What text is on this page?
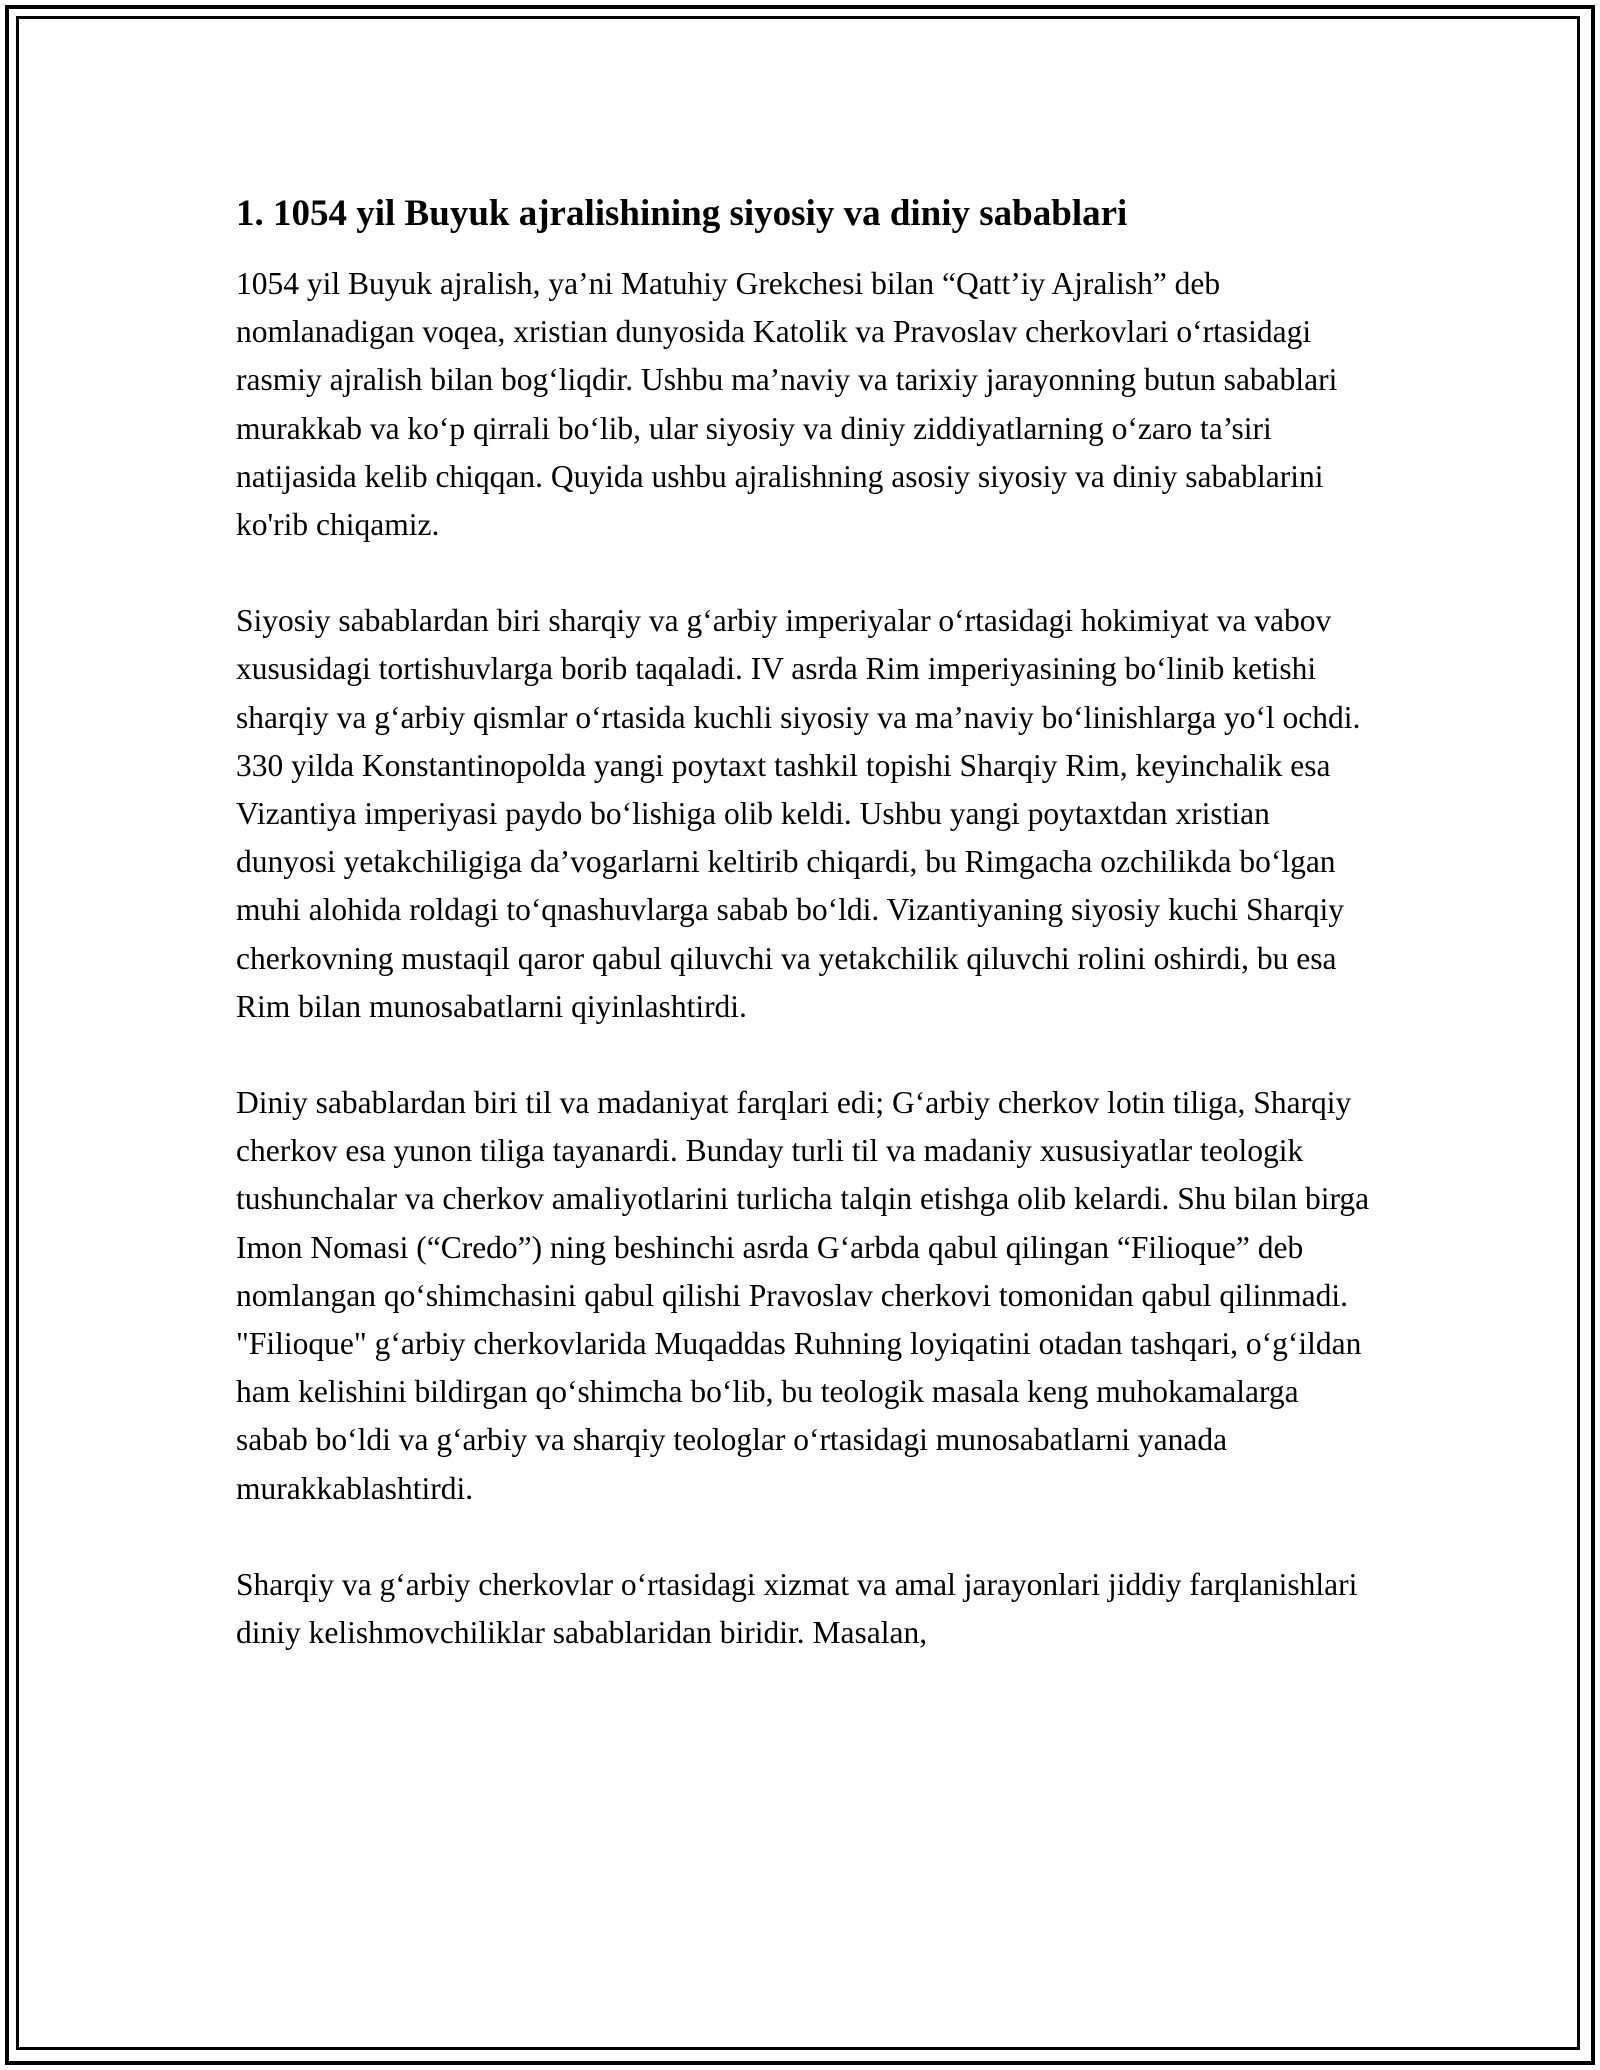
1. 1054 yil Buyuk ajralishining siyosiy va diniy sabablari

1054 yil Buyuk ajralish, ya’ni Matuhiy Grekchesi bilan “Qatt’iy Ajralish” deb nomlanadigan voqea, xristian dunyosida Katolik va Pravoslav cherkovlari oʻrtasidagi rasmiy ajralish bilan bogʻliqdir. Ushbu ma’naviy va tarixiy jarayonning butun sabablari murakkab va koʻp qirrali boʻlib, ular siyosiy va diniy ziddiyatlarning oʻzaro ta’siri natijasida kelib chiqqan. Quyida ushbu ajralishning asosiy siyosiy va diniy sabablarini ko'rib chiqamiz.

Siyosiy sabablardan biri sharqiy va gʻarbiy imperiyalar oʻrtasidagi hokimiyat va vabov xususidagi tortishuvlarga borib taqaladi. IV asrda Rim imperiyasining boʻlinib ketishi sharqiy va gʻarbiy qismlar oʻrtasida kuchli siyosiy va ma’naviy boʻlinishlarga yoʻl ochdi. 330 yilda Konstantinopolda yangi poytaxt tashkil topishi Sharqiy Rim, keyinchalik esa Vizantiya imperiyasi paydo boʻlishiga olib keldi. Ushbu yangi poytaxtdan xristian dunyosi yetakchiligiga da’vogarlarni keltirib chiqardi, bu Rimgacha ozchilikda boʻlgan muhi alohida roldagi toʻqnashuvlarga sabab boʻldi. Vizantiyaning siyosiy kuchi Sharqiy cherkovning mustaqil qaror qabul qiluvchi va yetakchilik qiluvchi rolini oshirdi, bu esa Rim bilan munosabatlarni qiyinlashtirdi.

Diniy sabablardan biri til va madaniyat farqlari edi; Gʻarbiy cherkov lotin tiliga, Sharqiy cherkov esa yunon tiliga tayanardi. Bunday turli til va madaniy xususiyatlar teologik tushunchalar va cherkov amaliyotlarini turlicha talqin etishga olib kelardi. Shu bilan birga Imon Nomasi (“Credo”) ning beshinchi asrda Gʻarbda qabul qilingan “Filioque” deb nomlangan qoʻshimchasini qabul qilishi Pravoslav cherkovi tomonidan qabul qilinmadi. "Filioque" gʻarbiy cherkovlarida Muqaddas Ruhning loyiqatini otadan tashqari, oʻgʻildan ham kelishini bildirgan qoʻshimcha boʻlib, bu teologik masala keng muhokamalarga sabab boʻldi va gʻarbiy va sharqiy teologlar oʻrtasidagi munosabatlarni yanada murakkablashtirdi.

Sharqiy va gʻarbiy cherkovlar oʻrtasidagi xizmat va amal jarayonlari jiddiy farqlanishlari diniy kelishmovchiliklar sabablaridan biridir. Masalan,
